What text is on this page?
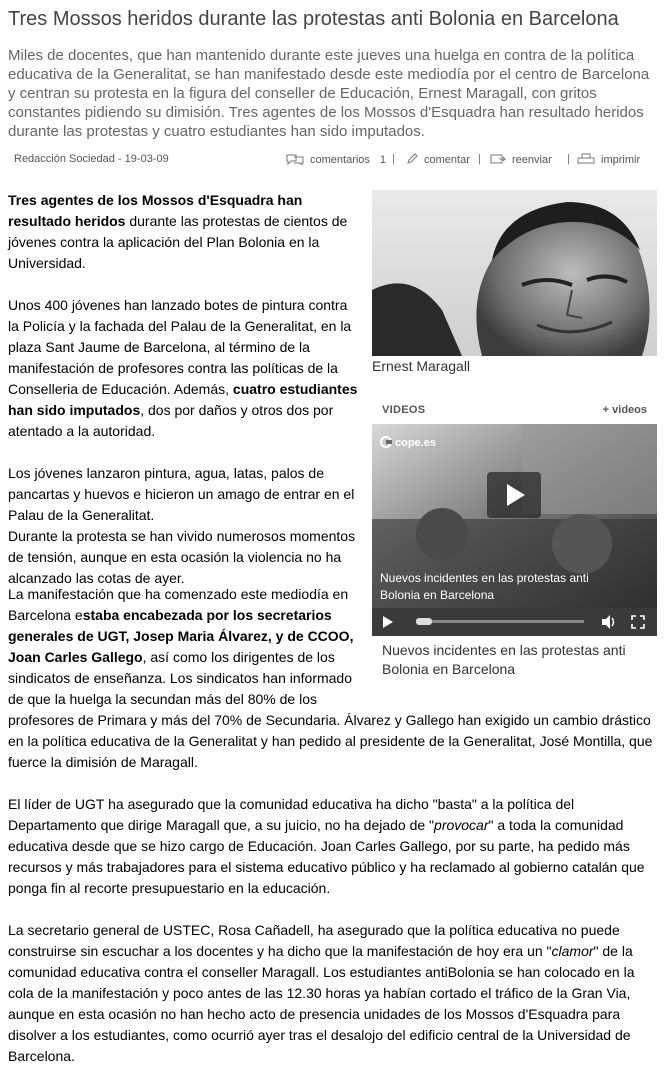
Tres Mossos heridos durante las protestas anti Bolonia en Barcelona

Miles de docentes, que han mantenido durante este jueves una huelga en contra de la política educativa de la Generalitat, se han manifestado desde este mediodía por el centro de Barcelona y centran su protesta en la figura del conseller de Educación, Ernest Maragall, con gritos constantes pidiendo su dimisión. Tres agentes de los Mossos d'Esquadra han resultado heridos durante las protestas y cuatro estudiantes han sido imputados.

Redacción Sociedad - 19-03-09	comentarios 1 |	comentar |	reenviar |	imprimir

Tres agentes de los Mossos d'Esquadra han resultado heridos durante las protestas de cientos de jóvenes contra la aplicación del Plan Bolonia en la Universidad.

Unos 400 jóvenes han lanzado botes de pintura contra la Policía y la fachada del Palau de la Generalitat, en la plaza Sant Jaume de Barcelona, al término de la manifestación de profesores contra las políticas de la Conselleria de Educación. Además, cuatro estudiantes han sido imputados, dos por daños y otros dos por atentado a la autoridad.

Los jóvenes lanzaron pintura, agua, latas, palos de pancartas y huevos e hicieron un amago de entrar en el Palau de la Generalitat.

Durante la protesta se han vivido numerosos momentos de tensión, aunque en esta ocasión la violencia no ha alcanzado las cotas de ayer.

La manifestación que ha comenzado este mediodía en Barcelona estaba encabezada por los secretarios generales de UGT, Josep Maria Álvarez, y de CCOO, Joan Carles Gallego, así como los dirigentes de los sindicatos de enseñanza. Los sindicatos han informado de que la huelga la secundan más del 80% de los profesores de Primara y más del 70% de Secundaria. Álvarez y Gallego han exigido un cambio drástico en la política educativa de la Generalitat y han pedido al presidente de la Generalitat, José Montilla, que fuerce la dimisión de Maragall.

El líder de UGT ha asegurado que la comunidad educativa ha dicho "basta" a la política del Departamento que dirige Maragall que, a su juicio, no ha dejado de "provocar" a toda la comunidad educativa desde que se hizo cargo de Educación. Joan Carles Gallego, por su parte, ha pedido más recursos y más trabajadores para el sistema educativo público y ha reclamado al gobierno catalán que ponga fin al recorte presupuestario en la educación.

La secretario general de USTEC, Rosa Cañadell, ha asegurado que la política educativa no puede construirse sin escuchar a los docentes y ha dicho que la manifestación de hoy era un "clamor" de la comunidad educativa contra el conseller Maragall. Los estudiantes antiBolonia se han colocado en la cola de la manifestación y poco antes de las 12.30 horas ya habían cortado el tráfico de la Gran Via, aunque en esta ocasión no han hecho acto de presencia unidades de los Mossos d'Esquadra para disolver a los estudiantes, como ocurrió ayer tras el desalojo del edificio central de la Universidad de Barcelona.

Ernest Maragall
VIDEOS	+ videos
cope.es
Nuevos incidentes en las protestas anti Bolonia en Barcelona
Nuevos incidentes en las protestas anti Bolonia en Barcelona
